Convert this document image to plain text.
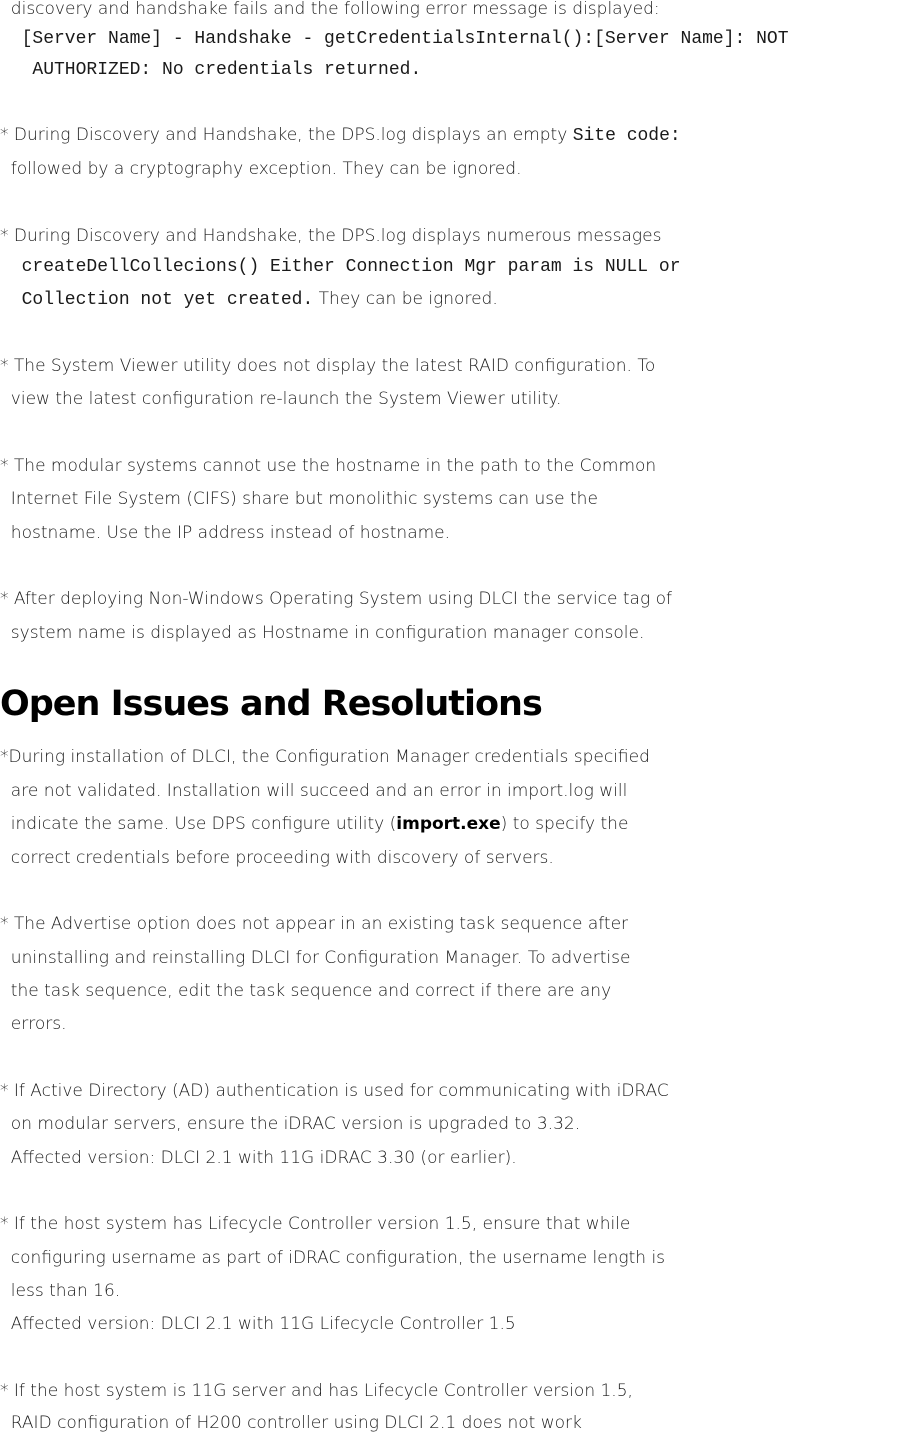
discovery and handshake fails and the following error message is displayed:
[Server Name] - Handshake - getCredentialsInternal():[Server Name]: NOT
AUTHORIZED: No credentials returned.
* During Discovery and Handshake, the DPS.log displays an empty Site code:
followed by a cryptography exception. They can be ignored.
* During Discovery and Handshake, the DPS.log displays numerous messages
createDellCollecions() Either Connection Mgr param is NULL or
Collection not yet created. They can be ignored.
* The System Viewer utility does not display the latest RAID configuration. To
view the latest configuration re-launch the System Viewer utility.
* The modular systems cannot use the hostname in the path to the Common
Internet File System (CIFS) share but monolithic systems can use the
hostname. Use the IP address instead of hostname.
* After deploying Non-Windows Operating System using DLCI the service tag of
system name is displayed as Hostname in configuration manager console.
Open Issues and Resolutions
*During installation of DLCI, the Configuration Manager credentials specified
are not validated. Installation will succeed and an error in import.log will
indicate the same. Use DPS configure utility (import.exe) to specify the
correct credentials before proceeding with discovery of servers.
* The Advertise option does not appear in an existing task sequence after
uninstalling and reinstalling DLCI for Configuration Manager. To advertise
the task sequence, edit the task sequence and correct if there are any
errors.
* If Active Directory (AD) authentication is used for communicating with iDRAC
on modular servers, ensure the iDRAC version is upgraded to 3.32.
Affected version: DLCI 2.1 with 11G iDRAC 3.30 (or earlier).
* If the host system has Lifecycle Controller version 1.5, ensure that while
configuring username as part of iDRAC configuration, the username length is
less than 16.
Affected version: DLCI 2.1 with 11G Lifecycle Controller 1.5
* If the host system is 11G server and has Lifecycle Controller version 1.5,
RAID configuration of H200 controller using DLCI 2.1 does not work
